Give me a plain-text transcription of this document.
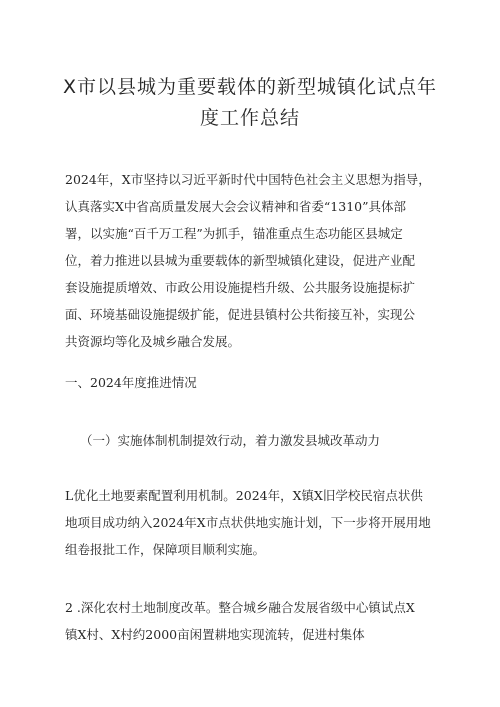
X市以县城为重要载体的新型城镇化试点年
度工作总结
2024年，X市坚持以习近平新时代中国特色社会主义思想为指导，
认真落实X中省高质量发展大会会议精神和省委“1310”具体部
署，以实施“百千万工程”为抓手，锚准重点生态功能区县城定
位，着力推进以县城为重要载体的新型城镇化建设，促进产业配
套设施提质增效、市政公用设施提档升级、公共服务设施提标扩
面、环境基础设施提级扩能，促进县镇村公共衔接互补，实现公
共资源均等化及城乡融合发展。
一、2024年度推进情况
（一）实施体制机制提效行动，着力激发县城改革动力
L优化土地要素配置利用机制。2024年，X镇X旧学校民宿点状供
地项目成功纳入2024年X市点状供地实施计划，下一步将开展用地
组卷报批工作，保障项目顺利实施。
2 .深化农村土地制度改革。整合城乡融合发展省级中心镇试点X
镇X村、X村约2000亩闲置耕地实现流转，促进村集体
